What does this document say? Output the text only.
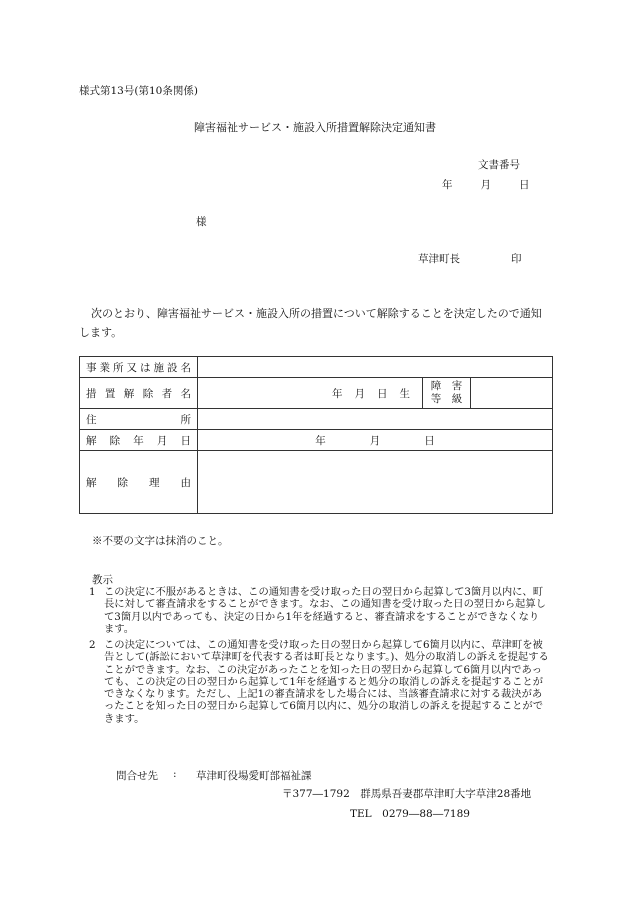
様式第13号(第10条関係)
障害福祉サービス・施設入所措置解除決定通知書
文書番号
年	月	日
様
草津町長	印
次のとおり、障害福祉サービス・施設入所の措置について解除することを決定したので通知します。
事業所又は施設名			
措置解除者名	年 月 日 生	障　害
等　級	

住所			
解除年月日	年 月 日		
解除理由			
※不要の文字は抹消のこと。
教示
1 この決定に不服があるときは、この通知書を受け取った日の翌日から起算して3箇月以内に、町長に対して審査請求をすることができます。なお、この通知書を受け取った日の翌日から起算して3箇月以内であっても、決定の日から1年を経過すると、審査請求をすることができなくなります。
2 この決定については、この通知書を受け取った日の翌日から起算して6箇月以内に、草津町を被告として(訴訟において草津町を代表する者は町長となります。)、処分の取消しの訴えを提起することができます。なお、この決定があったことを知った日の翌日から起算して6箇月以内であっても、この決定の日の翌日から起算して1年を経過すると処分の取消しの訴えを提起することができなくなります。ただし、上記1の審査請求をした場合には、当該審査請求に対する裁決があったことを知った日の翌日から起算して6箇月以内に、処分の取消しの訴えを提起することができます。
問合せ先 : 草津町役場愛町部福祉課
〒377―1792　群馬県吾妻郡草津町大字草津28番地
TEL　0279―88―7189
